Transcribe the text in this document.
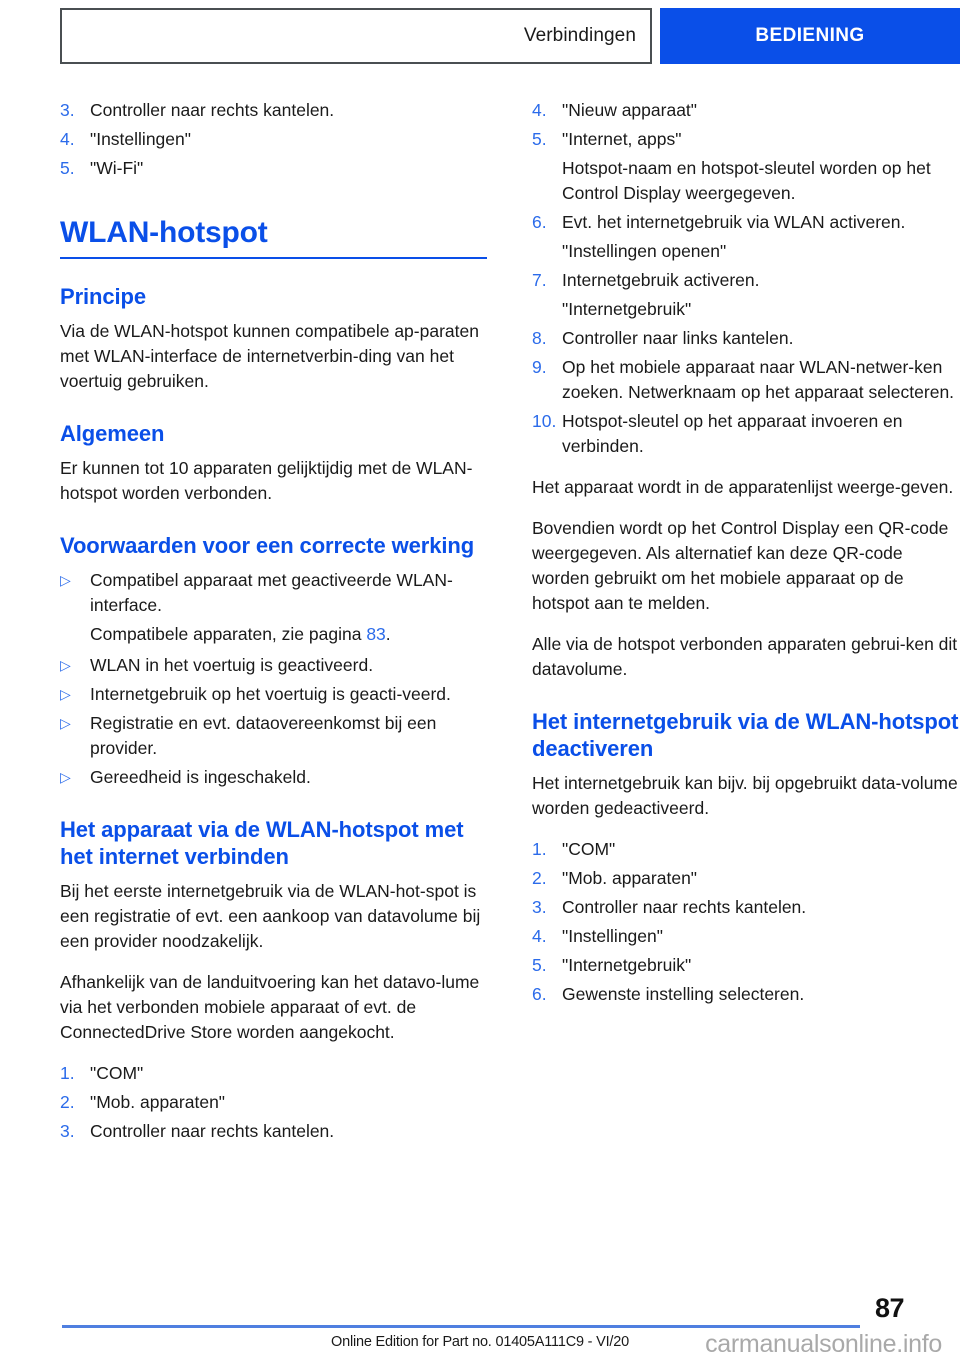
Verbindingen	BEDIENING
3. Controller naar rechts kantelen.
4. "Instellingen"
5. "Wi-Fi"
WLAN-hotspot
Principe

Via de WLAN-hotspot kunnen compatibele ap‑paraten met WLAN-interface de internetverbin‑ding van het voertuig gebruiken.

Algemeen

Er kunnen tot 10 apparaten gelijktijdig met de WLAN-hotspot worden verbonden.

Voorwaarden voor een correcte werking
▷	Compatibel apparaat met geactiveerde WLAN-interface.
Compatibele apparaten, zie pagina 83.
▷	WLAN in het voertuig is geactiveerd.
▷	Internetgebruik op het voertuig is geacti‑veerd.
▷	Registratie en evt. dataovereenkomst bij een provider.
▷	Gereedheid is ingeschakeld.
Het apparaat via de WLAN-hotspot met het internet verbinden

Bij het eerste internetgebruik via de WLAN-hot‑spot is een registratie of evt. een aankoop van datavolume bij een provider noodzakelijk.

Afhankelijk van de landuitvoering kan het datavo‑lume via het verbonden mobiele apparaat of evt. de ConnectedDrive Store worden aangekocht.

1. "COM"
2. "Mob. apparaten"
3. Controller naar rechts kantelen.
4. "Nieuw apparaat"
5. "Internet, apps"
Hotspot-naam en hotspot-sleutel worden op het Control Display weergegeven.
6. Evt. het internetgebruik via WLAN activeren.
"Instellingen openen"
7. Internetgebruik activeren.
"Internetgebruik"
8. Controller naar links kantelen.
9. Op het mobiele apparaat naar WLAN-netwer‑ken zoeken. Netwerknaam op het apparaat selecteren.
10. Hotspot-sleutel op het apparaat invoeren en verbinden.

Het apparaat wordt in de apparatenlijst weerge‑geven.

Bovendien wordt op het Control Display een QR-code weergegeven. Als alternatief kan deze QR-code worden gebruikt om het mobiele apparaat op de hotspot aan te melden.

Alle via de hotspot verbonden apparaten gebrui‑ken dit datavolume.

Het internetgebruik via de WLAN-hotspot deactiveren

Het internetgebruik kan bijv. bij opgebruikt data‑volume worden gedeactiveerd.

1. "COM"
2. "Mob. apparaten"
3. Controller naar rechts kantelen.
4. "Instellingen"
5. "Internetgebruik"
6. Gewenste instelling selecteren.
87
Online Edition for Part no. 01405A111C9 - VI/20	carmanualsonline.info
